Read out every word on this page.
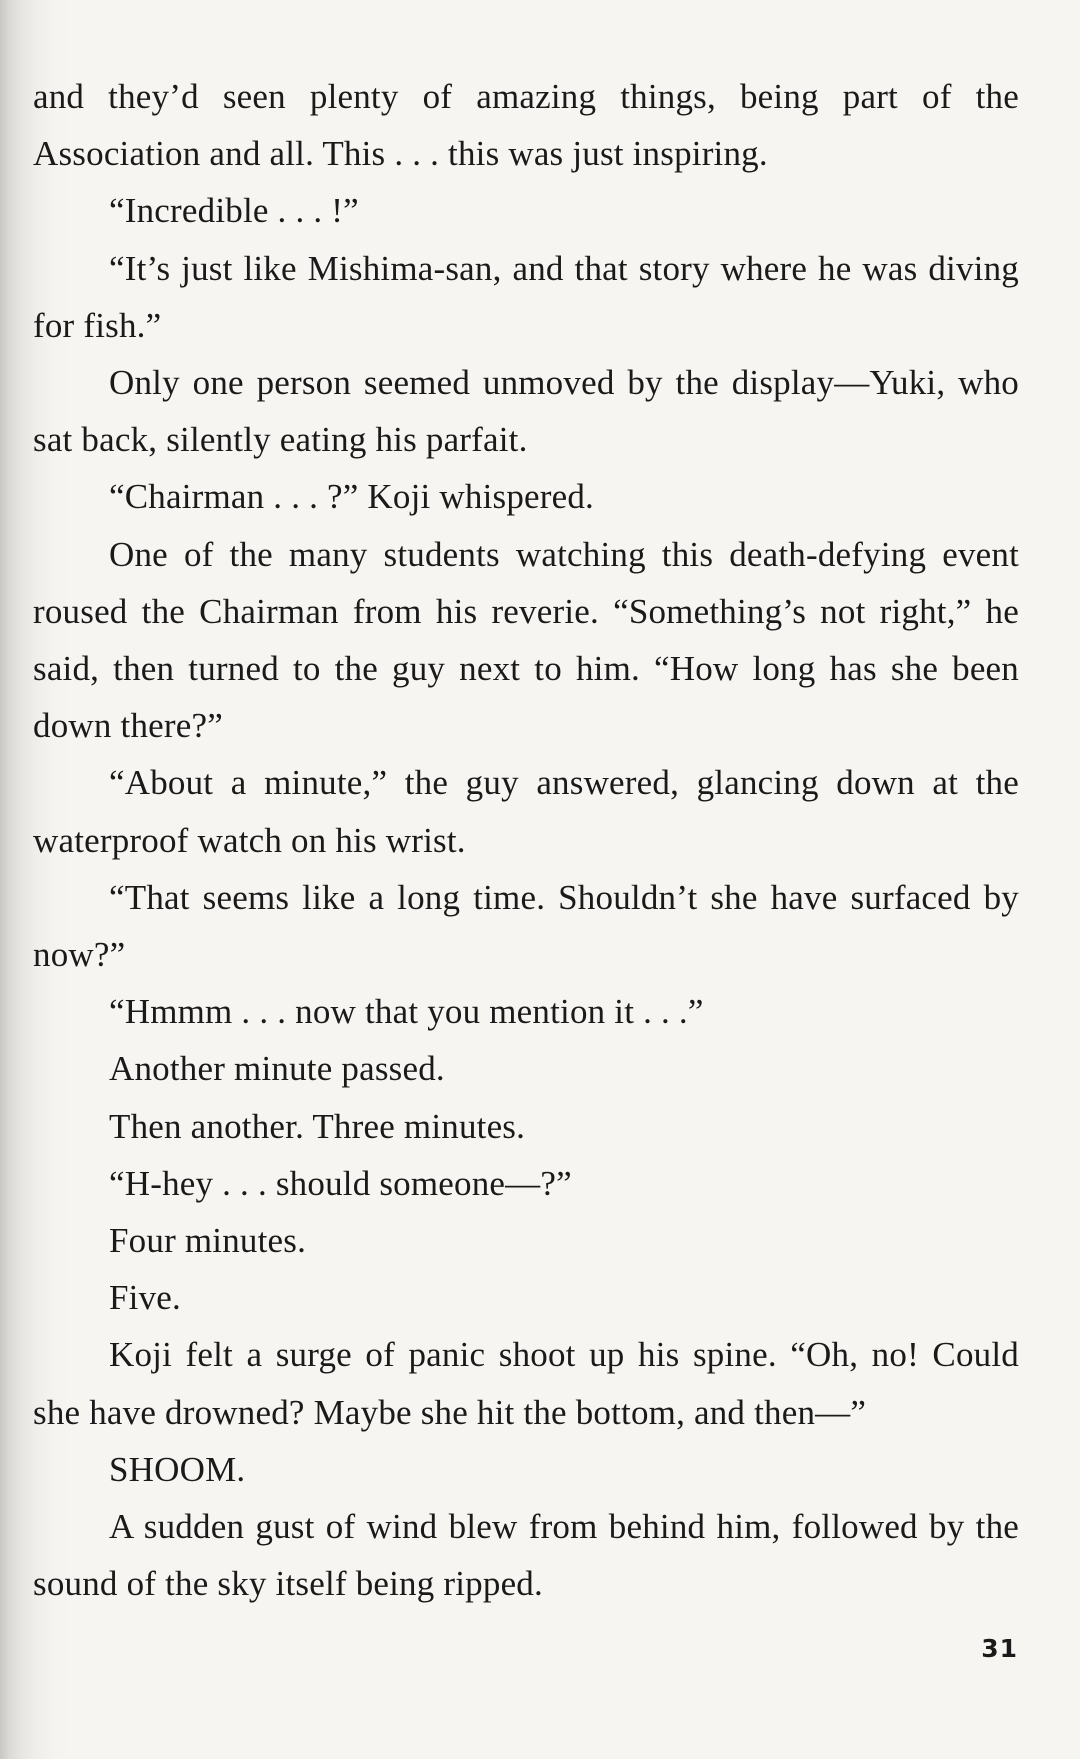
and they’d seen plenty of amazing things, being part of the Association and all. This . . . this was just inspiring.

“Incredible . . . !”

“It’s just like Mishima-san, and that story where he was diving for fish.”

Only one person seemed unmoved by the display—Yuki, who sat back, silently eating his parfait.

“Chairman . . . ?” Koji whispered.

One of the many students watching this death-defying event roused the Chairman from his reverie. “Something’s not right,” he said, then turned to the guy next to him. “How long has she been down there?”

“About a minute,” the guy answered, glancing down at the waterproof watch on his wrist.

“That seems like a long time. Shouldn’t she have surfaced by now?”

“Hmmm . . . now that you mention it . . .”

Another minute passed.

Then another. Three minutes.

“H-hey . . . should someone—?”

Four minutes.

Five.

Koji felt a surge of panic shoot up his spine. “Oh, no! Could she have drowned? Maybe she hit the bottom, and then—”

SHOOM.

A sudden gust of wind blew from behind him, followed by the sound of the sky itself being ripped.

31
